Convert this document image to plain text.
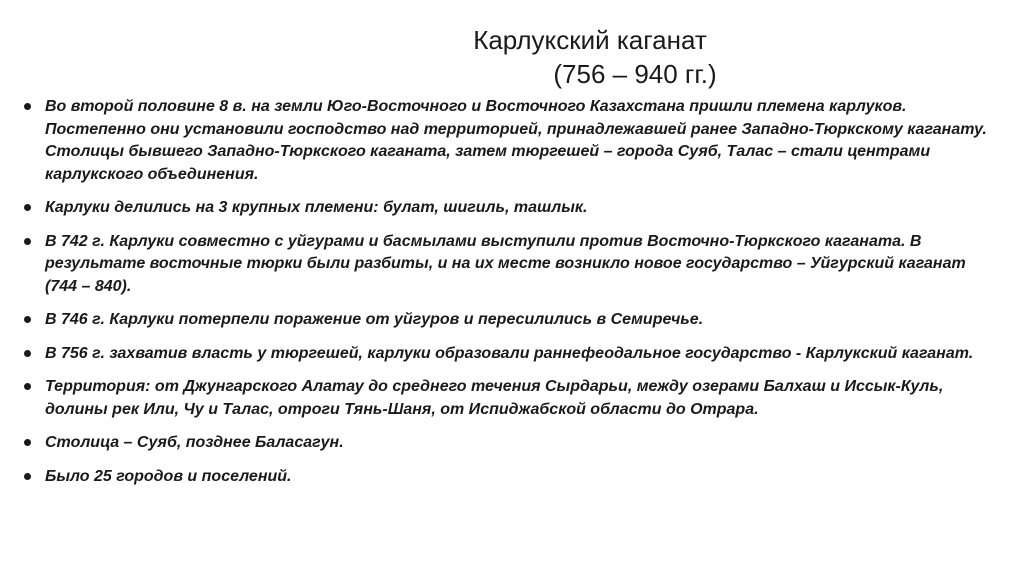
Карлукский каганат
(756 – 940 гг.)
Во второй половине 8 в. на земли Юго-Восточного и Восточного Казахстана пришли племена карлуков. Постепенно они установили господство над территорией, принадлежавшей ранее Западно-Тюркскому каганату. Столицы бывшего Западно-Тюркского каганата, затем тюргешей – города Суяб, Талас – стали центрами карлукского объединения.
Карлуки делились на 3 крупных племени: булат, шигиль, ташлык.
В 742 г. Карлуки совместно с уйгурами и басмылами выступили против Восточно-Тюркского каганата. В результате восточные тюрки были разбиты, и на их месте возникло новое государство – Уйгурский каганат (744 – 840).
В 746 г. Карлуки потерпели поражение от уйгуров и пересилились в Семиречье.
В 756 г. захватив власть у тюргешей, карлуки образовали раннефеодальное государство - Карлукский каганат.
Территория: от Джунгарского Алатау до среднего течения Сырдарьи, между озерами Балхаш и Иссык-Куль, долины рек Или, Чу и Талас, отроги Тянь-Шаня, от Испиджабской области до Отрара.
Столица – Суяб, позднее Баласагун.
Было 25 городов и поселений.
